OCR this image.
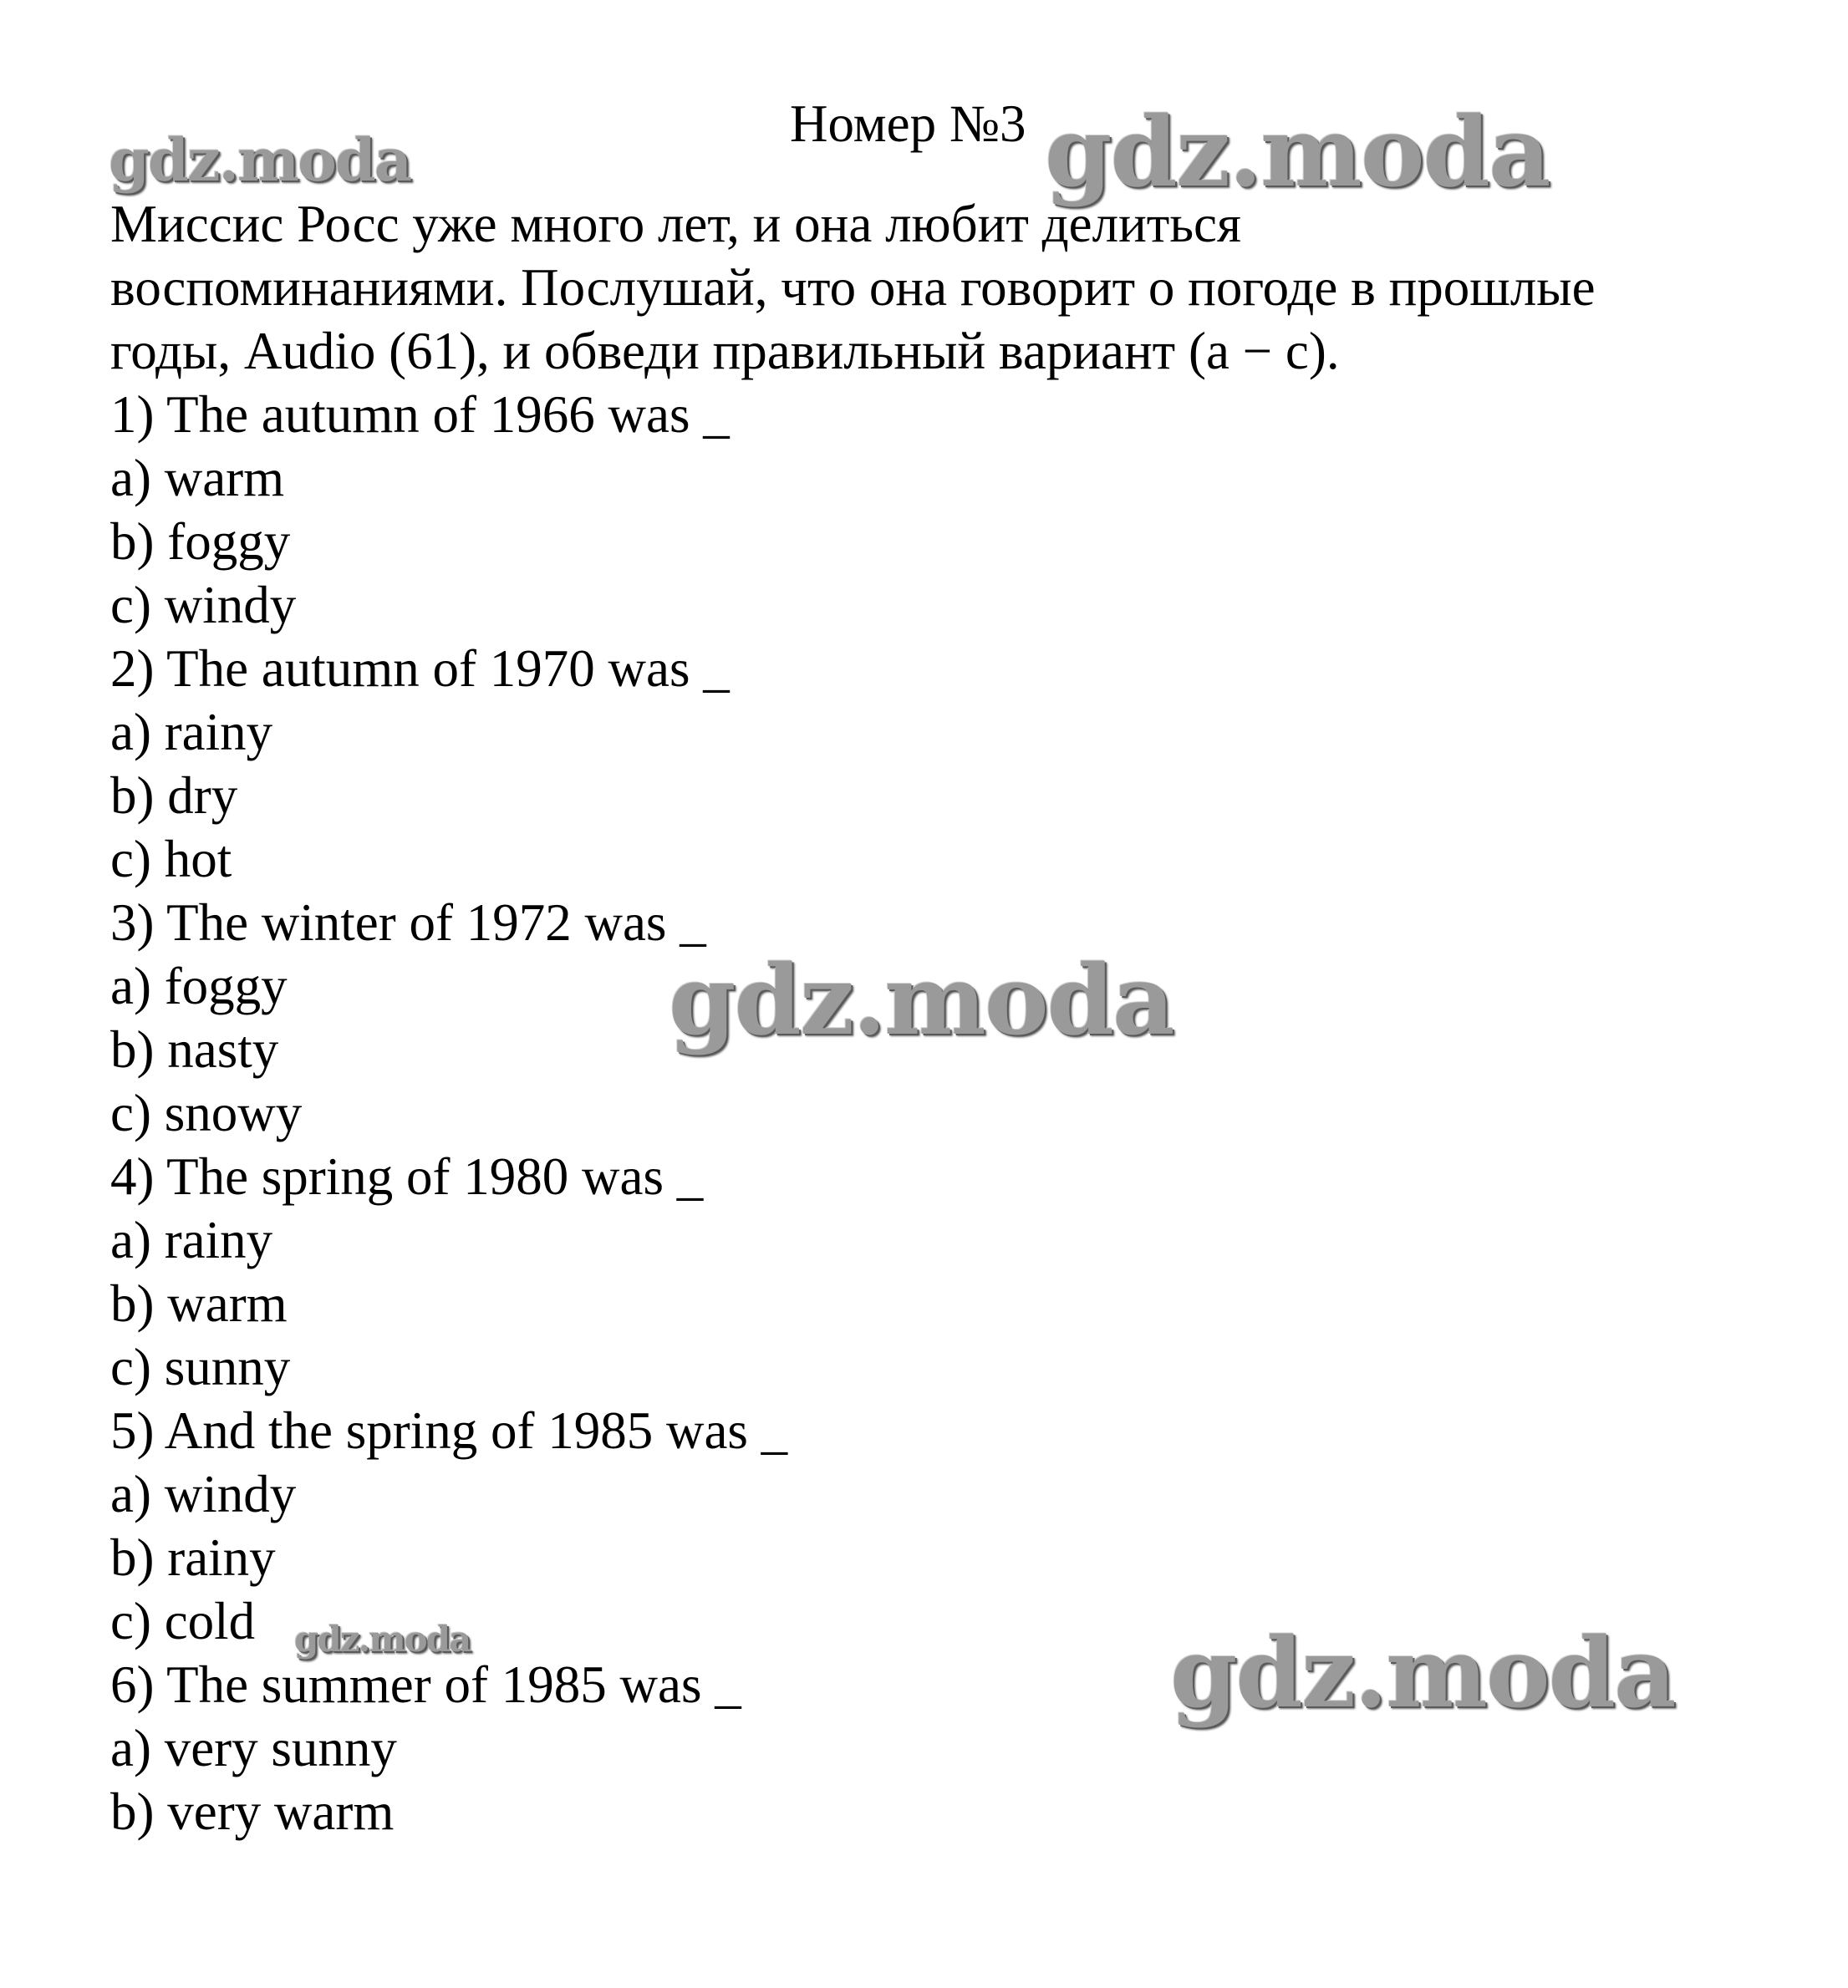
Номер №3
Миссис Росс уже много лет, и она любит делиться
воспоминаниями. Послушай, что она говорит о погоде в прошлые
годы, Audio (61), и обведи правильный вариант (a − c).
1) The autumn of 1966 was _
a) warm
b) foggy
c) windy
2) The autumn of 1970 was _
a) rainy
b) dry
c) hot
3) The winter of 1972 was _
a) foggy
b) nasty
c) snowy
4) The spring of 1980 was _
a) rainy
b) warm
c) sunny
5) And the spring of 1985 was _
a) windy
b) rainy
c) cold
6) The summer of 1985 was _
a) very sunny
b) very warm
gdz.moda	gdz.moda
gdz.moda
gdz.moda	gdz.moda
